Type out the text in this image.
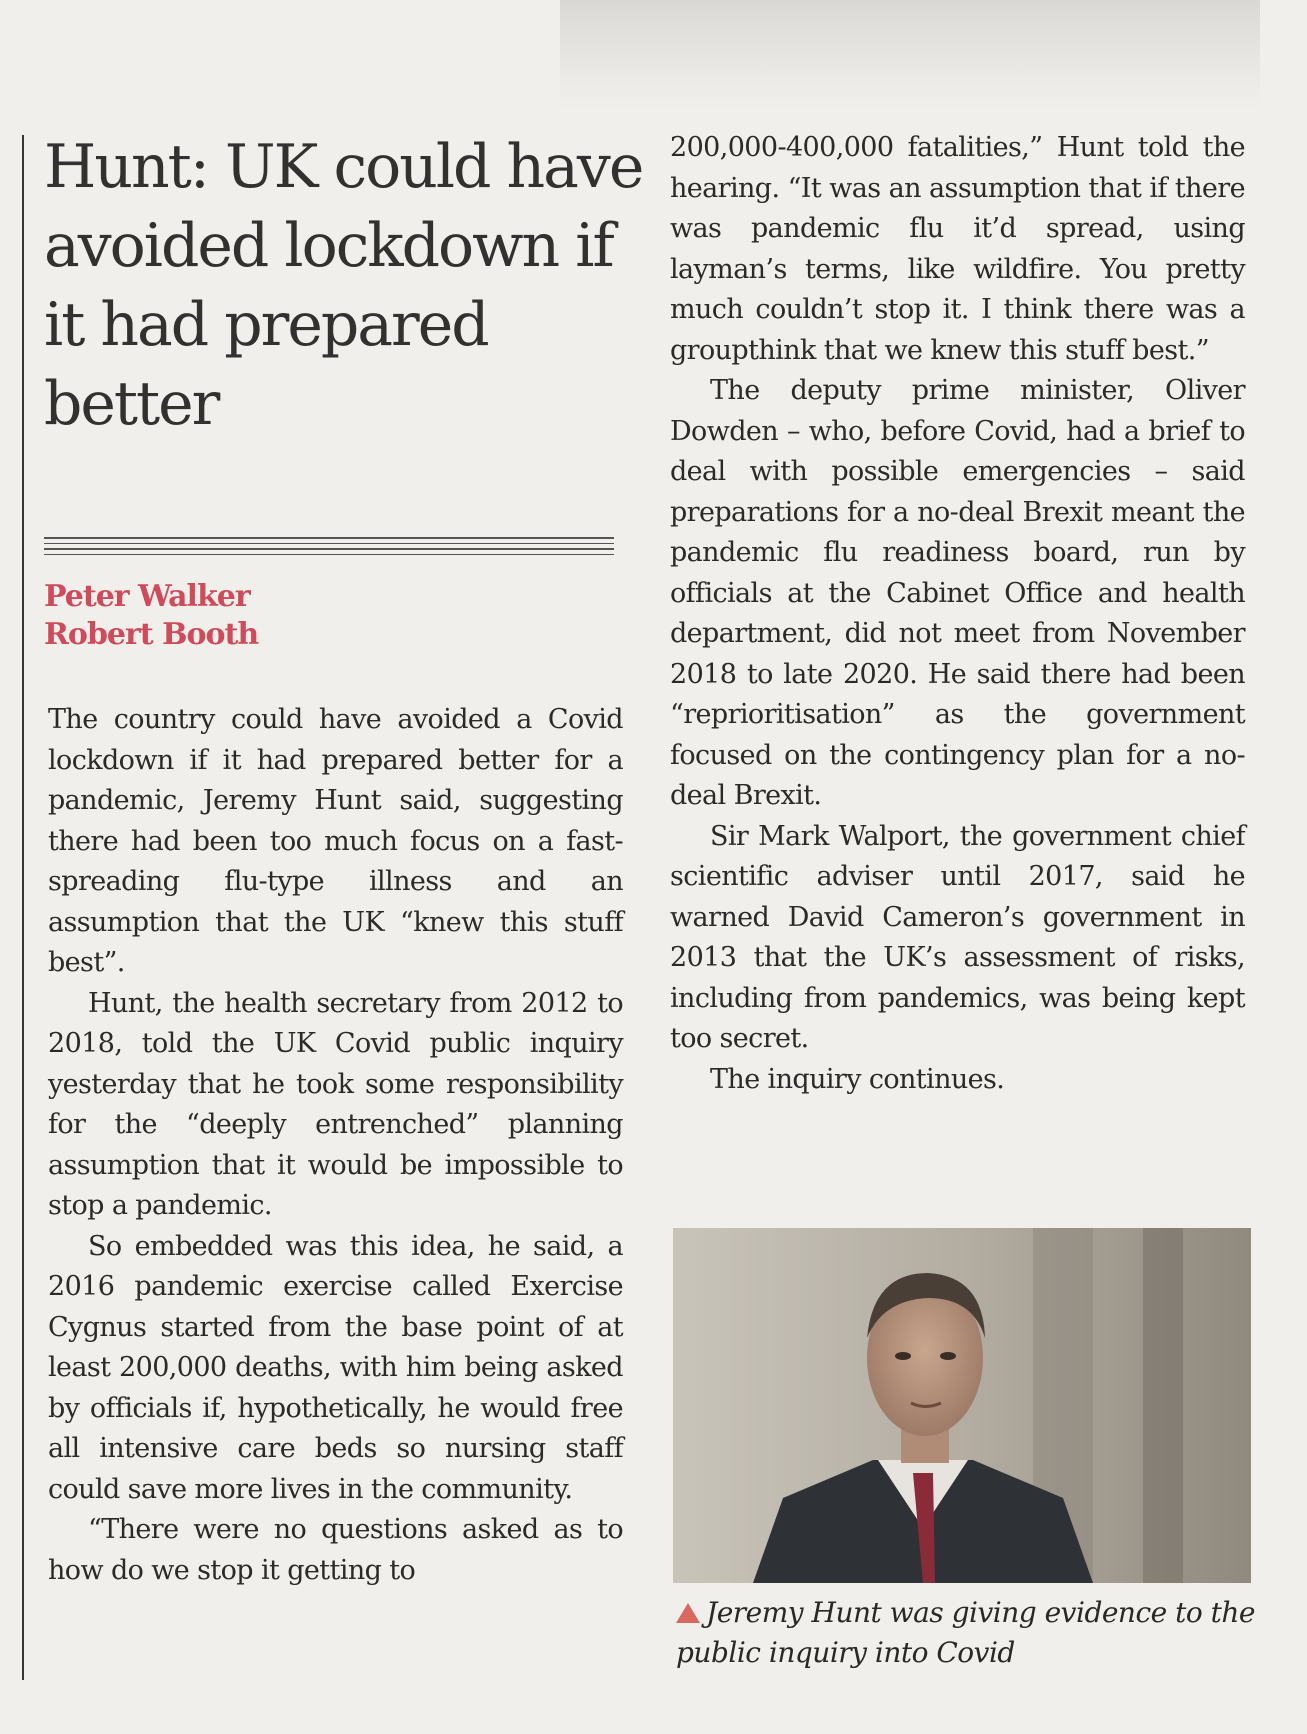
Hunt: UK could have avoided lockdown if it had prepared better
Peter Walker
Robert Booth

The country could have avoided a Covid lockdown if it had prepared better for a pandemic, Jeremy Hunt said, suggesting there had been too much focus on a fast-spreading flu-type illness and an assumption that the UK “knew this stuff best”.

Hunt, the health secretary from 2012 to 2018, told the UK Covid public inquiry yesterday that he took some responsibility for the “deeply entrenched” planning assumption that it would be impossible to stop a pandemic.

So embedded was this idea, he said, a 2016 pandemic exercise called Exercise Cygnus started from the base point of at least 200,000 deaths, with him being asked by officials if, hypothetically, he would free all intensive care beds so nursing staff could save more lives in the community.

“There were no questions asked as to how do we stop it getting to

200,000-400,000 fatalities,” Hunt told the hearing. “It was an assumption that if there was pandemic flu it’d spread, using layman’s terms, like wildfire. You pretty much couldn’t stop it. I think there was a groupthink that we knew this stuff best.”

The deputy prime minister, Oliver Dowden – who, before Covid, had a brief to deal with possible emergencies – said preparations for a no-deal Brexit meant the pandemic flu readiness board, run by officials at the Cabinet Office and health department, did not meet from November 2018 to late 2020. He said there had been “reprioritisation” as the government focused on the contingency plan for a no-deal Brexit.

Sir Mark Walport, the government chief scientific adviser until 2017, said he warned David Cameron’s government in 2013 that the UK’s assessment of risks, including from pandemics, was being kept too secret.

The inquiry continues.

Jeremy Hunt was giving evidence to the public inquiry into Covid
